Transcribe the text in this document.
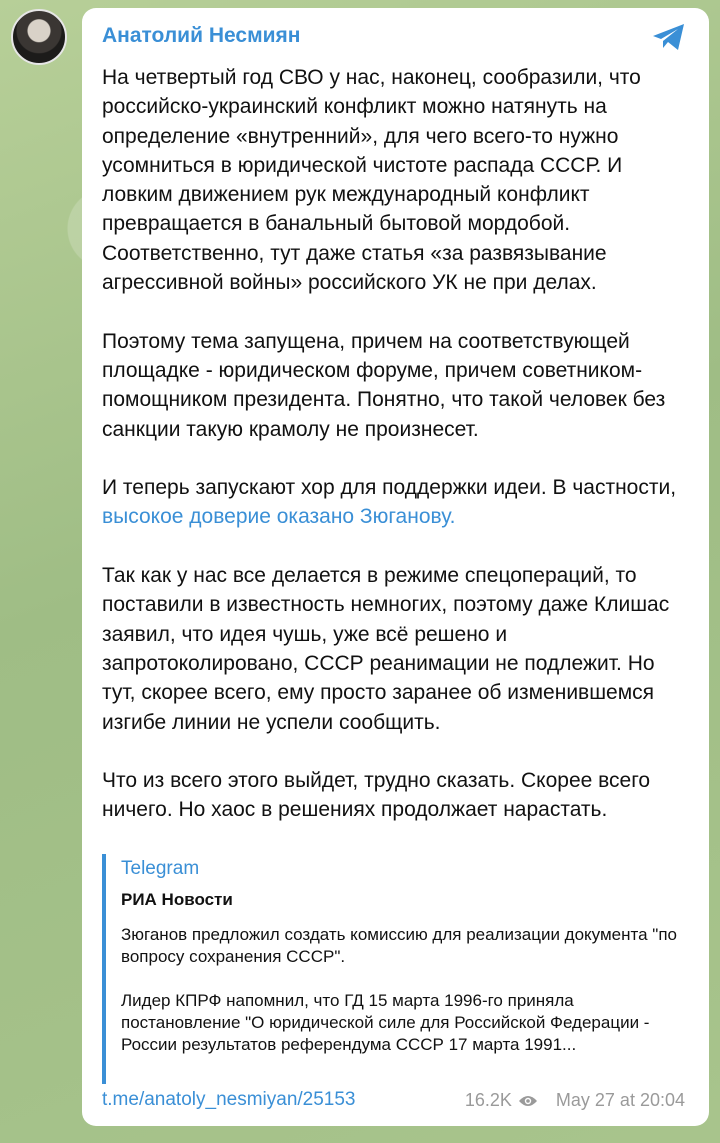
Анатолий Несмиян

На четвертый год СВО у нас, наконец, сообразили, что российско-украинский конфликт можно натянуть на определение «внутренний», для чего всего-то нужно усомниться в юридической чистоте распада СССР. И ловким движением рук международный конфликт превращается в банальный бытовой мордобой. Соответственно, тут даже статья «за развязывание агрессивной войны» российского УК не при делах.

Поэтому тема запущена, причем на соответствующей площадке - юридическом форуме, причем советником-помощником президента. Понятно, что такой человек без санкции такую крамолу не произнесет.

И теперь запускают хор для поддержки идеи. В частности, высокое доверие оказано Зюганову.

Так как у нас все делается в режиме спецопераций, то поставили в известность немногих, поэтому даже Клишас заявил, что идея чушь, уже всё решено и запротоколировано, СССР реанимации не подлежит. Но тут, скорее всего, ему просто заранее об изменившемся изгибе линии не успели сообщить.

Что из всего этого выйдет, трудно сказать. Скорее всего ничего. Но хаос в решениях продолжает нарастать.

Telegram
РИА Новости

Зюганов предложил создать комиссию для реализации документа "по вопросу сохранения СССР".

Лидер КПРФ напомнил, что ГД 15 марта 1996-го приняла постановление "О юридической силе для Российской Федерации - России результатов референдума СССР 17 марта 1991...

t.me/anatoly_nesmiyan/25153	16.2K May 27 at 20:04
